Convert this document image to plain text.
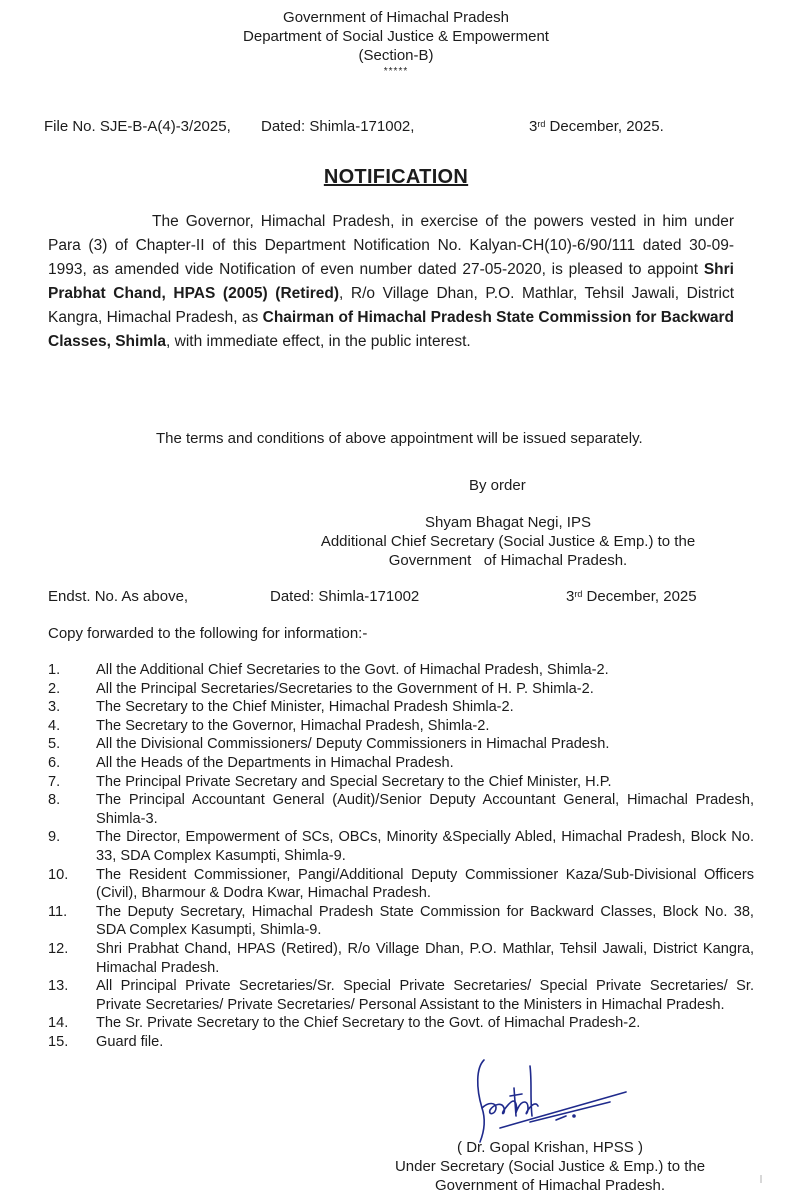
Government of Himachal Pradesh
Department of Social Justice & Empowerment
(Section-B)
*****
File No. SJE-B-A(4)-3/2025, Dated: Shimla-171002,	3rd December, 2025.
NOTIFICATION
The Governor, Himachal Pradesh, in exercise of the powers vested in him under Para (3) of Chapter-II of this Department Notification No. Kalyan-CH(10)-6/90/111 dated 30-09-1993, as amended vide Notification of even number dated 27-05-2020, is pleased to appoint Shri Prabhat Chand, HPAS (2005) (Retired), R/o Village Dhan, P.O. Mathlar, Tehsil Jawali, District Kangra, Himachal Pradesh, as Chairman of Himachal Pradesh State Commission for Backward Classes, Shimla, with immediate effect, in the public interest.
The terms and conditions of above appointment will be issued separately.
By order
Shyam Bhagat Negi, IPS
Additional Chief Secretary (Social Justice & Emp.) to the
Government   of Himachal Pradesh.
Endst. No. As above,	Dated: Shimla-171002	3rd December, 2025
Copy forwarded to the following for information:-
1.	All the Additional Chief Secretaries to the Govt. of Himachal Pradesh, Shimla-2.
2.	All the Principal Secretaries/Secretaries to the Government of H. P. Shimla-2.
3.	The Secretary to the Chief Minister, Himachal Pradesh Shimla-2.
4.	The Secretary to the Governor, Himachal Pradesh, Shimla-2.
5.	All the Divisional Commissioners/ Deputy Commissioners in Himachal Pradesh.
6.	All the Heads of the Departments in Himachal Pradesh.
7.	The Principal Private Secretary and Special Secretary to the Chief Minister, H.P.
8.	The Principal Accountant General (Audit)/Senior Deputy Accountant General, Himachal Pradesh, Shimla-3.
9.	The Director, Empowerment of SCs, OBCs, Minority &Specially Abled, Himachal Pradesh, Block No. 33, SDA Complex Kasumpti, Shimla-9.
10.	The Resident Commissioner, Pangi/Additional Deputy Commissioner Kaza/Sub-Divisional Officers (Civil), Bharmour & Dodra Kwar, Himachal Pradesh.
11.	The Deputy Secretary, Himachal Pradesh State Commission for Backward Classes, Block No. 38, SDA Complex Kasumpti, Shimla-9.
12.	Shri Prabhat Chand, HPAS (Retired), R/o Village Dhan, P.O. Mathlar, Tehsil Jawali, District Kangra, Himachal Pradesh.
13.	All Principal Private Secretaries/Sr. Special Private Secretaries/ Special Private Secretaries/ Sr. Private Secretaries/ Private Secretaries/ Personal Assistant to the Ministers in Himachal Pradesh.
14.	The Sr. Private Secretary to the Chief Secretary to the Govt. of Himachal Pradesh-2.
15.	Guard file.
( Dr. Gopal Krishan, HPSS )
Under Secretary (Social Justice & Emp.) to the
Government of Himachal Pradesh.
